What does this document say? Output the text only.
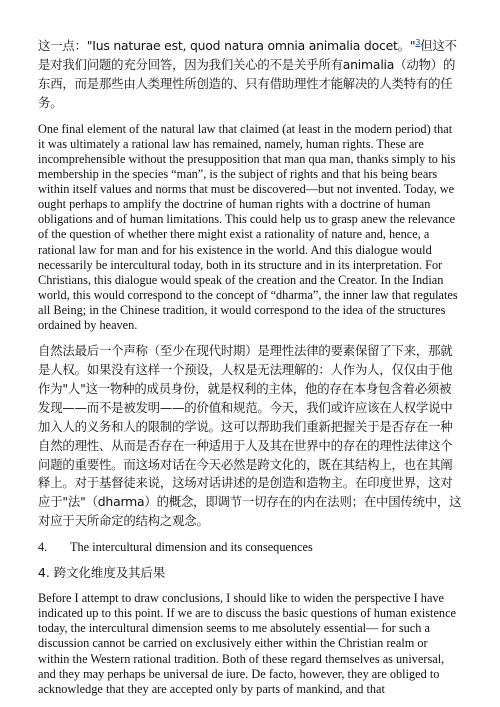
这一点："Ius naturae est, quod natura omnia animalia docet。"$^3$但这不是对我们问题的充分回答，因为我们关心的不是关乎所有animalia（动物）的东西，而是那些由人类理性所创造的、只有借助理性才能解决的人类特有的任务。

One final element of the natural law that claimed (at least in the modern period) that it was ultimately a rational law has remained, namely, human rights. These are incomprehensible without the presupposition that man qua man, thanks simply to his membership in the species “man”, is the subject of rights and that his being bears within itself values and norms that must be discovered—but not invented. Today, we ought perhaps to amplify the doctrine of human rights with a doctrine of human obligations and of human limitations. This could help us to grasp anew the relevance of the question of whether there might exist a rationality of nature and, hence, a rational law for man and for his existence in the world. And this dialogue would necessarily be intercultural today, both in its structure and in its interpretation. For Christians, this dialogue would speak of the creation and the Creator. In the Indian world, this would correspond to the concept of “dharma”, the inner law that regulates all Being; in the Chinese tradition, it would correspond to the idea of the structures ordained by heaven.

自然法最后一个声称（至少在现代时期）是理性法律的要素保留了下来，那就是人权。如果没有这样一个预设，人权是无法理解的：人作为人，仅仅由于他作为"人"这一物种的成员身份，就是权利的主体，他的存在本身包含着必须被发现——而不是被发明——的价值和规范。今天，我们或许应该在人权学说中加入人的义务和人的限制的学说。这可以帮助我们重新把握关于是否存在一种自然的理性、从而是否存在一种适用于人及其在世界中的存在的理性法律这个问题的重要性。而这场对话在今天必然是跨文化的，既在其结构上，也在其阐释上。对于基督徒来说，这场对话讲述的是创造和造物主。在印度世界，这对应于"法"（dharma）的概念，即调节一切存在的内在法则；在中国传统中，这对应于天所命定的结构之观念。

4.	The intercultural dimension and its consequences

4. 跨文化维度及其后果

Before I attempt to draw conclusions, I should like to widen the perspective I have indicated up to this point. If we are to discuss the basic questions of human existence today, the intercultural dimension seems to me absolutely essential— for such a discussion cannot be carried on exclusively either within the Christian realm or within the Western rational tradition. Both of these regard themselves as universal, and they may perhaps be universal de iure. De facto, however, they are obliged to acknowledge that they are accepted only by parts of mankind, and that
